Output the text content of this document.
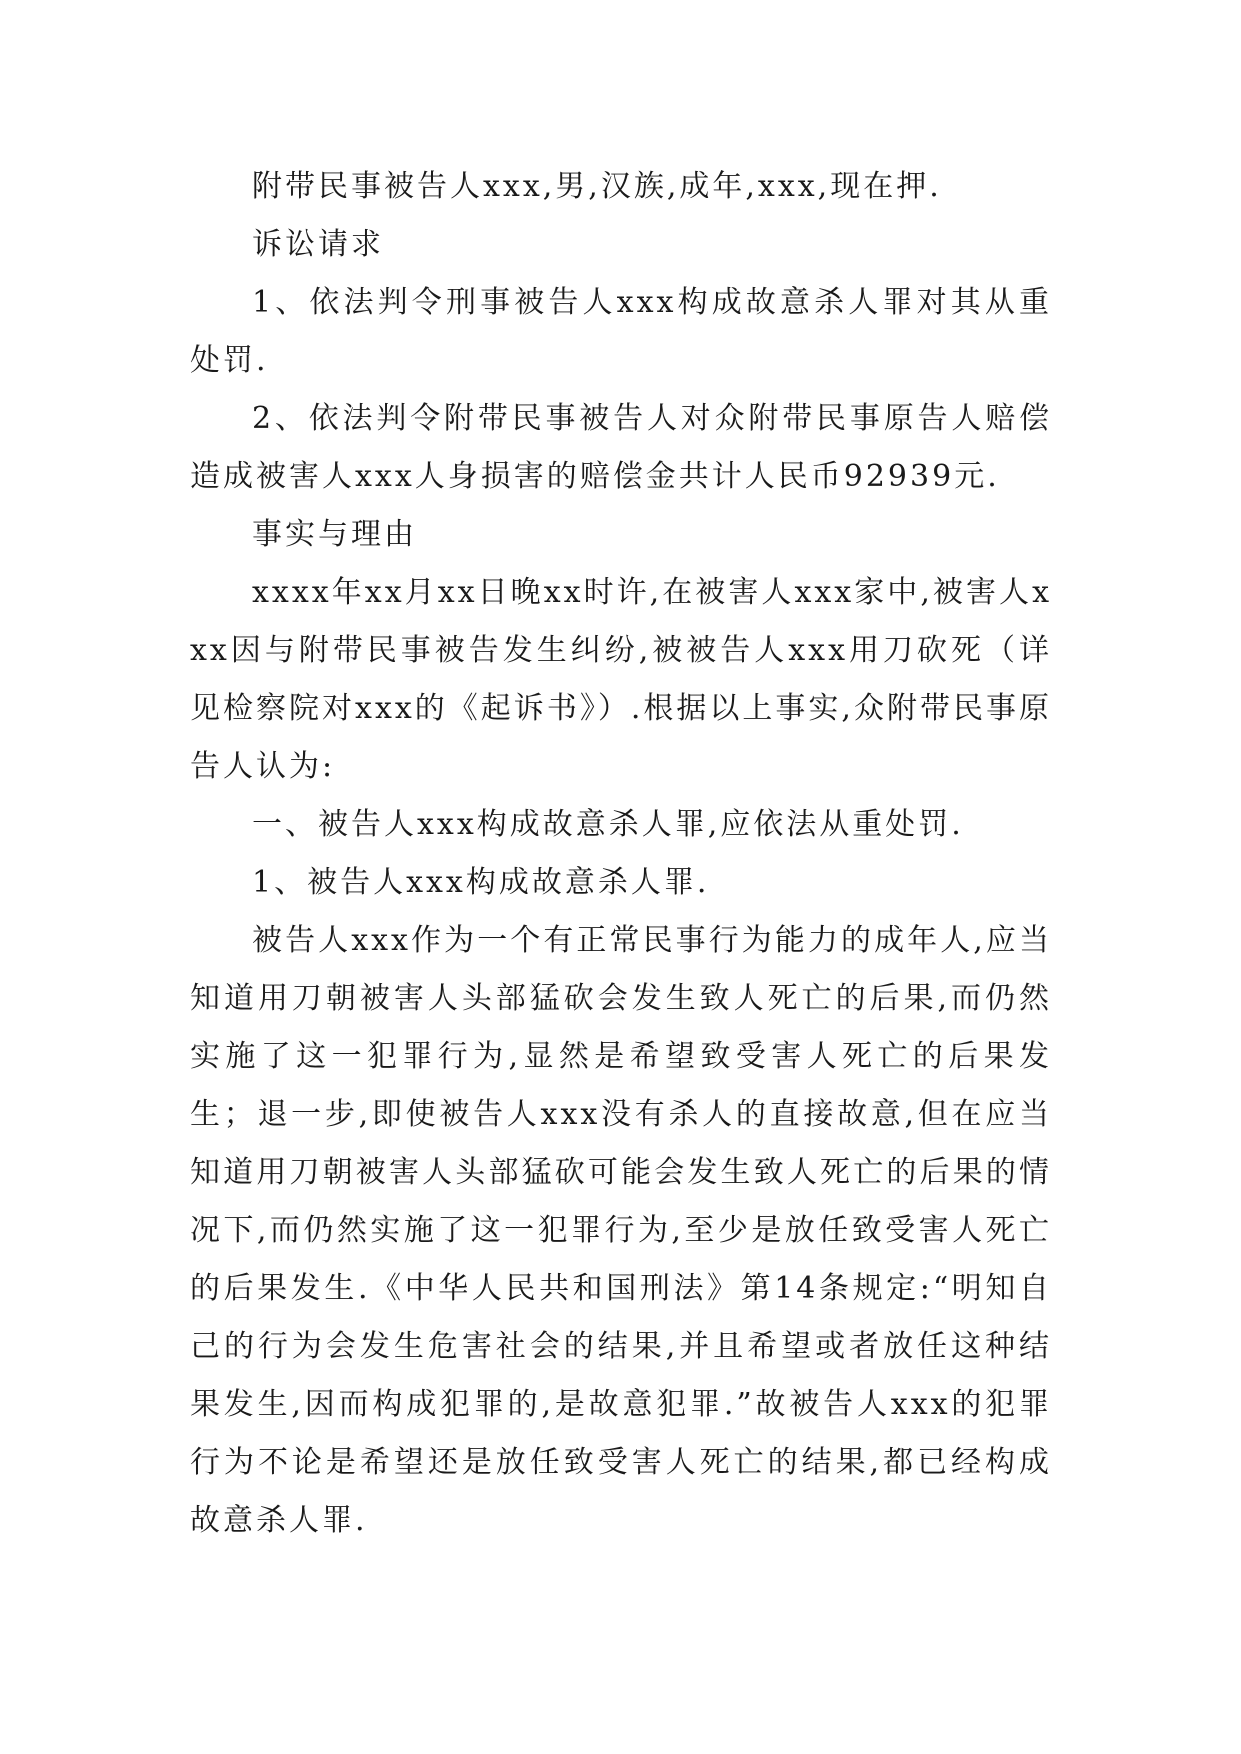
附带民事被告人xxx,男,汉族,成年,xxx,现在押.

诉讼请求

1、依法判令刑事被告人xxx构成故意杀人罪对其从重处罚.

2、依法判令附带民事被告人对众附带民事原告人赔偿造成被害人xxx人身损害的赔偿金共计人民币92939元.

事实与理由

xxxx年xx月xx日晚xx时许,在被害人xxx家中,被害人xxx因与附带民事被告发生纠纷,被被告人xxx用刀砍死（详见检察院对xxx的《起诉书》）.根据以上事实,众附带民事原告人认为:

一、被告人xxx构成故意杀人罪,应依法从重处罚.

1、被告人xxx构成故意杀人罪.

被告人xxx作为一个有正常民事行为能力的成年人,应当知道用刀朝被害人头部猛砍会发生致人死亡的后果,而仍然实施了这一犯罪行为,显然是希望致受害人死亡的后果发生；退一步,即使被告人xxx没有杀人的直接故意,但在应当知道用刀朝被害人头部猛砍可能会发生致人死亡的后果的情况下,而仍然实施了这一犯罪行为,至少是放任致受害人死亡的后果发生.《中华人民共和国刑法》第14条规定:“明知自己的行为会发生危害社会的结果,并且希望或者放任这种结果发生,因而构成犯罪的,是故意犯罪.”故被告人xxx的犯罪行为不论是希望还是放任致受害人死亡的结果,都已经构成故意杀人罪.
